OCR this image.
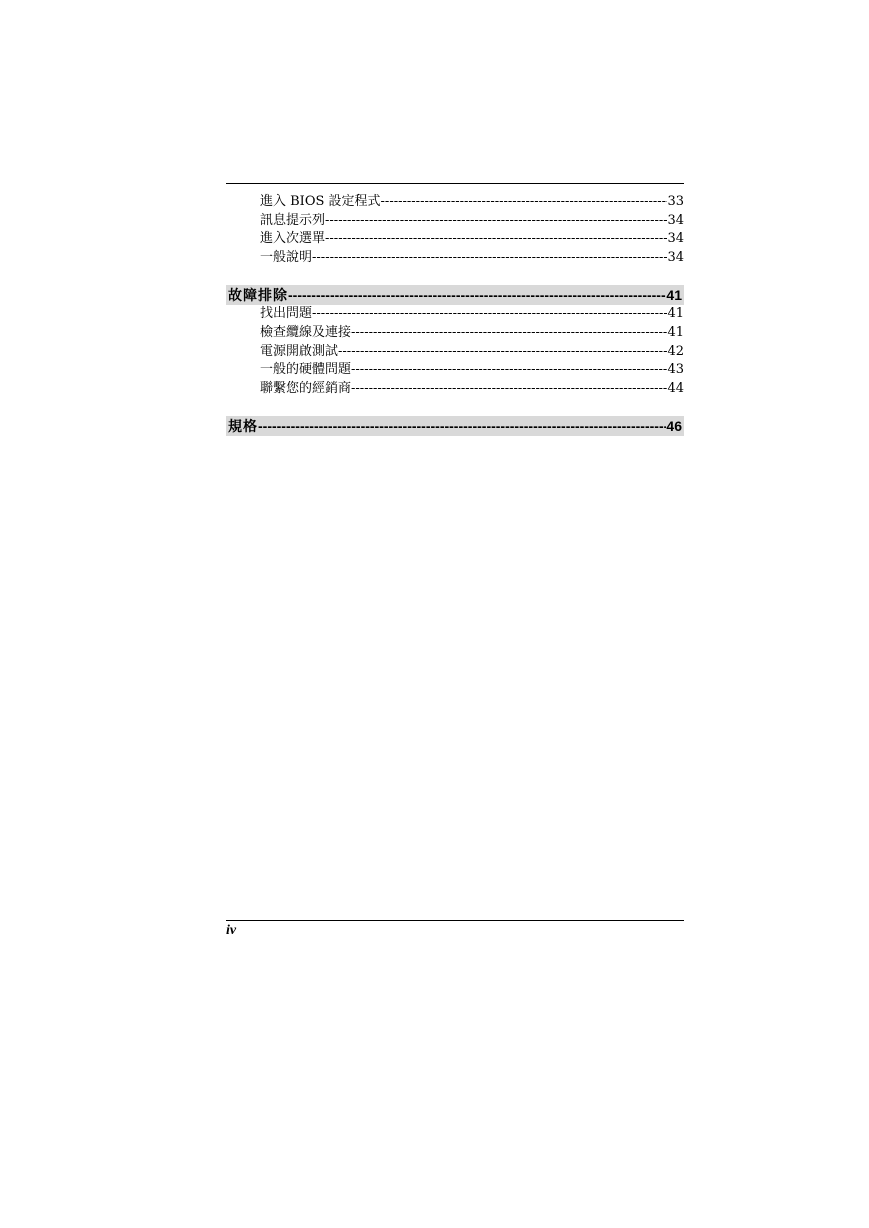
進入 BIOS 設定程式 -----	33
訊息提示列 -----	34
進入次選單 -----	34
一般說明 -----	34
故障排除 -----	41
找出問題 -----	41
檢查纜線及連接 -----	41
電源開啟測試 -----	42
一般的硬體問題 -----	43
聯繫您的經銷商 -----	44
規格 -----	46
iv
